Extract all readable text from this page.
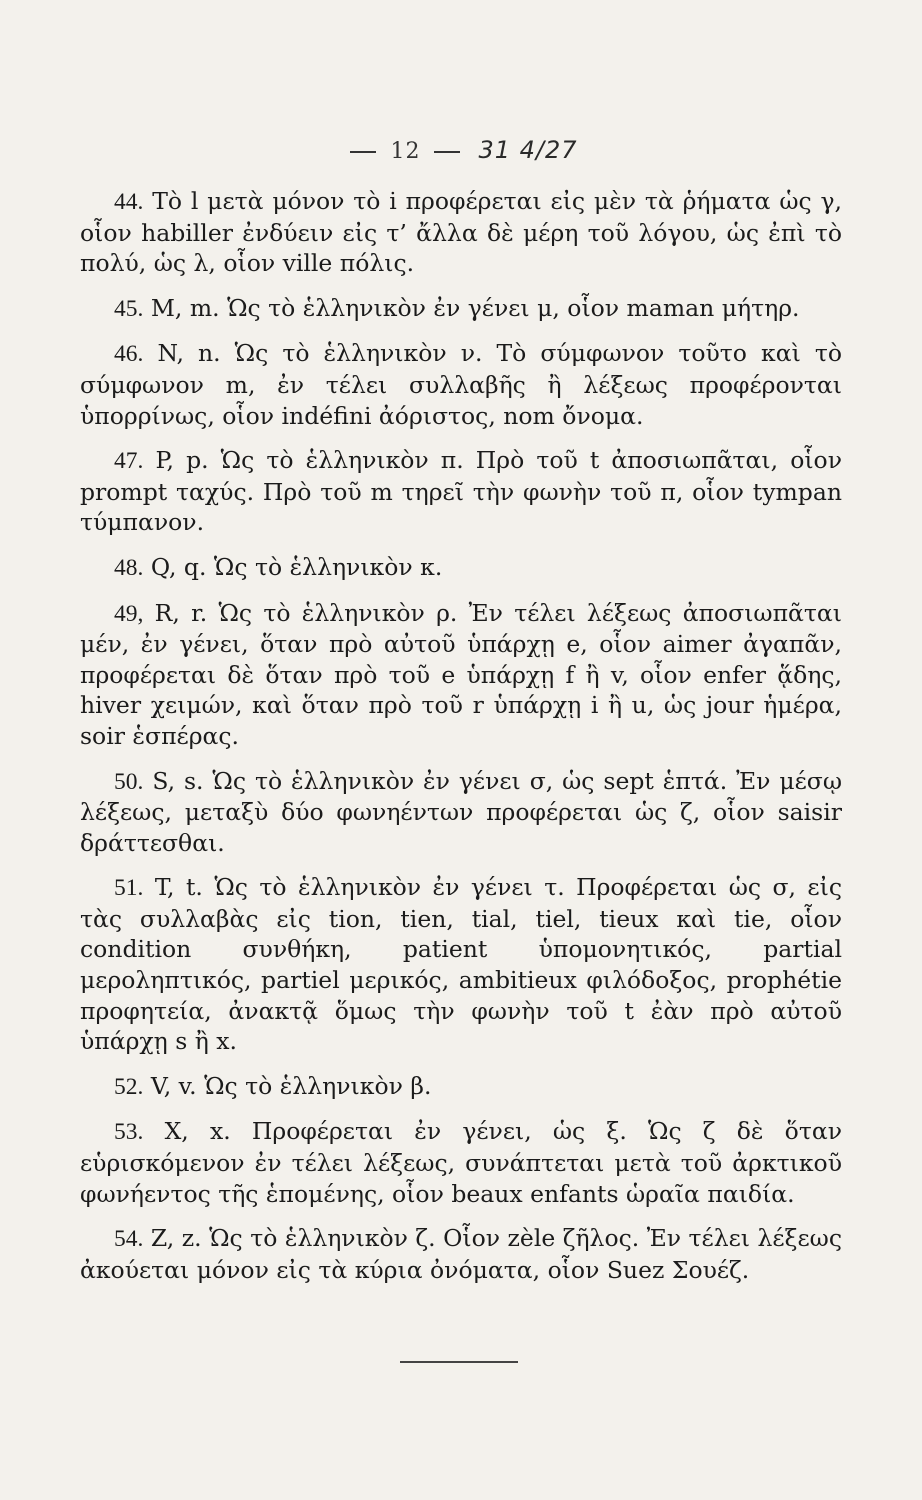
12 31 4/27

44. Τὸ l μετὰ μόνον τὸ i προφέρεται εἰς μὲν τὰ ῥήματα ὡς γ, οἷον habiller ἐνδύειν εἰς τ’ ἄλλα δὲ μέρη τοῦ λόγου, ὡς ἐπὶ τὸ πολύ, ὡς λ, οἷον ville πόλις.

45. M, m. Ὡς τὸ ἑλληνικὸν ἐν γένει μ, οἷον maman μήτηρ.

46. N, n. Ὡς τὸ ἑλληνικὸν ν. Τὸ σύμφωνον τοῦτο καὶ τὸ σύμφωνον m, ἐν τέλει συλλαβῆς ἢ λέξεως προφέρονται ὑπορρίνως, οἷον indéfini ἀόριστος, nom ὄνομα.

47. P, p. Ὡς τὸ ἑλληνικὸν π. Πρὸ τοῦ t ἀποσιωπᾶται, οἷον prompt ταχύς. Πρὸ τοῦ m τηρεῖ τὴν φωνὴν τοῦ π, οἷον tympan τύμπανον.

48. Q, q. Ὡς τὸ ἑλληνικὸν κ.

49, R, r. Ὡς τὸ ἑλληνικὸν ρ. Ἐν τέλει λέξεως ἀποσιωπᾶται μέν, ἐν γένει, ὅταν πρὸ αὐτοῦ ὑπάρχῃ e, οἷον aimer ἀγαπᾶν, προφέρεται δὲ ὅταν πρὸ τοῦ e ὑπάρχῃ f ἢ v, οἷον enfer ᾅδης, hiver χειμών, καὶ ὅταν πρὸ τοῦ r ὑπάρχῃ i ἢ u, ὡς jour ἡμέρα, soir ἑσπέρας.

50. S, s. Ὡς τὸ ἑλληνικὸν ἐν γένει σ, ὡς sept ἑπτά. Ἐν μέσῳ λέξεως, μεταξὺ δύο φωνηέντων προφέρεται ὡς ζ, οἷον saisir δράττεσθαι.

51. T, t. Ὡς τὸ ἑλληνικὸν ἐν γένει τ. Προφέρεται ὡς σ, εἰς τὰς συλλαβὰς εἰς tion, tien, tial, tiel, tieux καὶ tie, οἷον condition συνθήκη, patient ὑπομονητικός, partial μεροληπτικός, partiel μερικός, ambitieux φιλόδοξος, prophétie προφητεία, ἀνακτᾷ ὅμως τὴν φωνὴν τοῦ t ἐὰν πρὸ αὐτοῦ ὑπάρχῃ s ἢ x.

52. V, v. Ὡς τὸ ἑλληνικὸν β.

53. X, x. Προφέρεται ἐν γένει, ὡς ξ. Ὡς ζ δὲ ὅταν εὑρισκόμενον ἐν τέλει λέξεως, συνάπτεται μετὰ τοῦ ἀρκτικοῦ φωνήεντος τῆς ἑπομένης, οἷον beaux enfants ὡραῖα παιδία.

54. Z, z. Ὡς τὸ ἑλληνικὸν ζ. Οἷον zèle ζῆλος. Ἐν τέλει λέξεως ἀκούεται μόνον εἰς τὰ κύρια ὀνόματα, οἷον Suez Σουέζ.
